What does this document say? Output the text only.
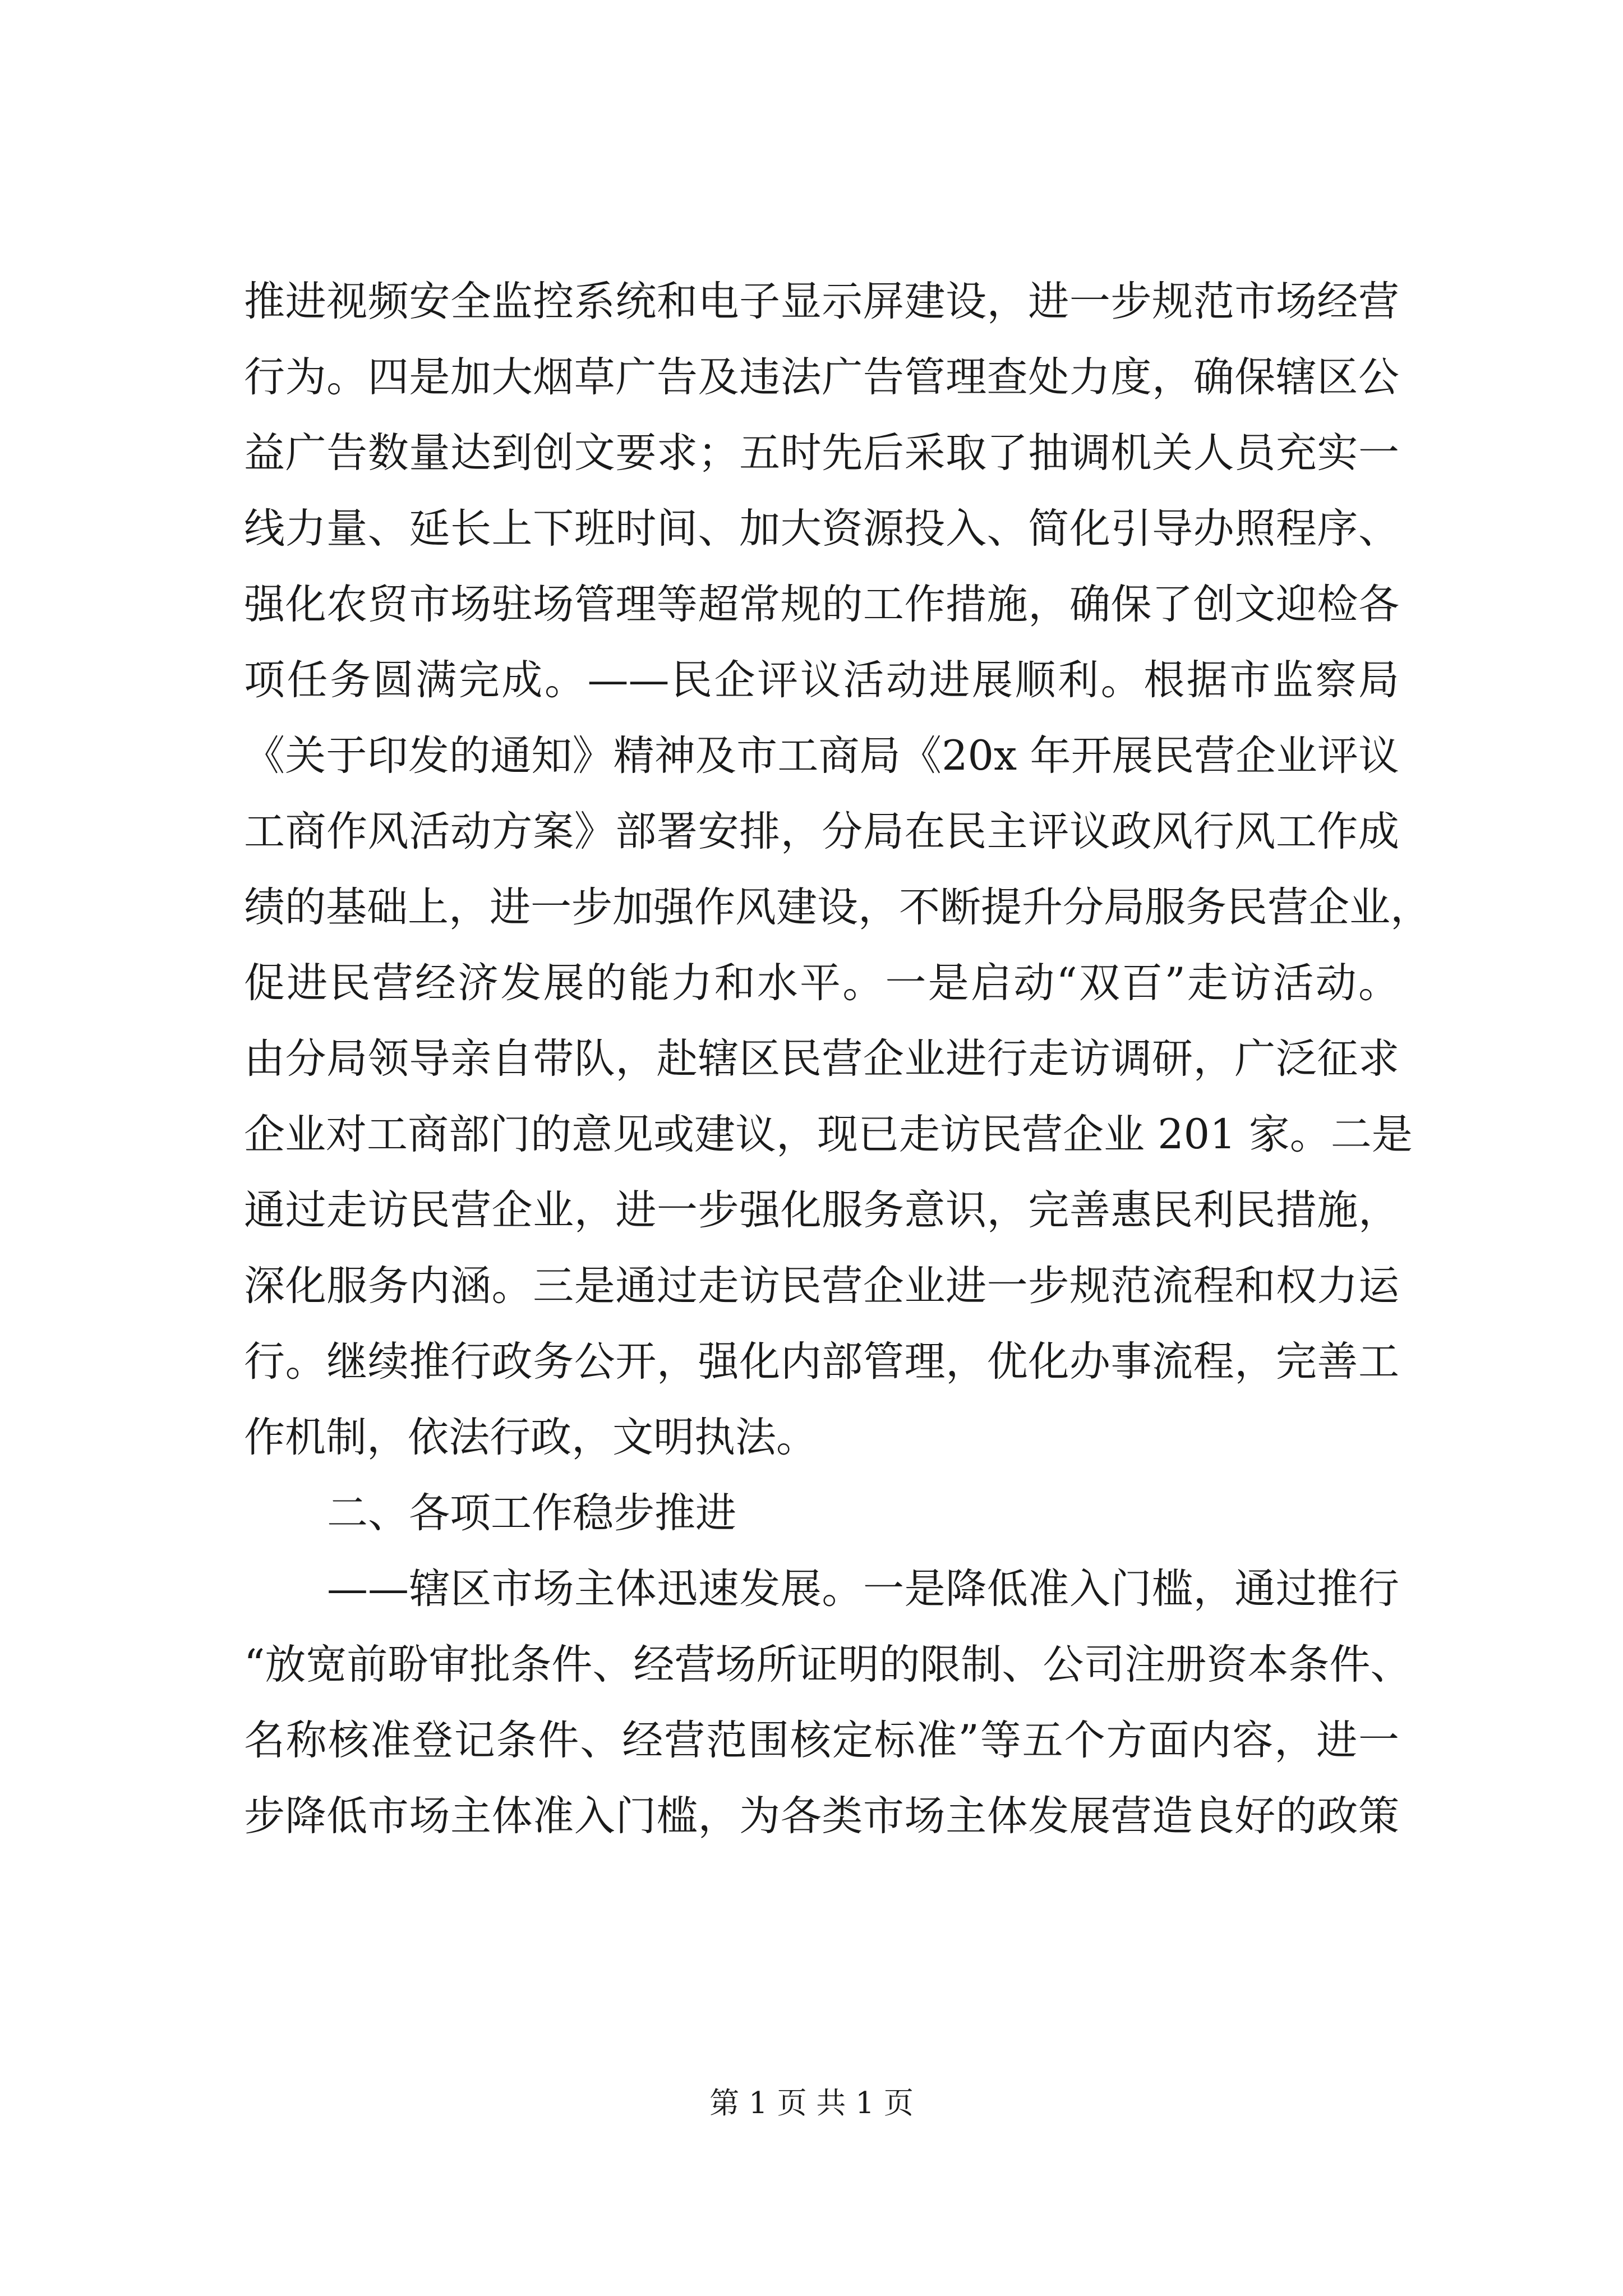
推进视频安全监控系统和电子显示屏建设，进一步规范市场经营
行为。四是加大烟草广告及违法广告管理查处力度，确保辖区公
益广告数量达到创文要求；五时先后采取了抽调机关人员充实一
线力量、延长上下班时间、加大资源投入、简化引导办照程序、
强化农贸市场驻场管理等超常规的工作措施，确保了创文迎检各
项任务圆满完成。——民企评议活动进展顺利。根据市监察局
《关于印发的通知》精神及市工商局《20x 年开展民营企业评议
工商作风活动方案》部署安排，分局在民主评议政风行风工作成
绩的基础上，进一步加强作风建设，不断提升分局服务民营企业，
促进民营经济发展的能力和水平。一是启动“双百”走访活动。
由分局领导亲自带队，赴辖区民营企业进行走访调研，广泛征求
企业对工商部门的意见或建议，现已走访民营企业 201 家。二是
通过走访民营企业，进一步强化服务意识，完善惠民利民措施，
深化服务内涵。三是通过走访民营企业进一步规范流程和权力运
行。继续推行政务公开，强化内部管理，优化办事流程，完善工
作机制，依法行政，文明执法。
二、各项工作稳步推进
——辖区市场主体迅速发展。一是降低准入门槛，通过推行
“放宽前聁审批条件、经营场所证明的限制、公司注册资本条件、
名称核准登记条件、经营范围核定标准”等五个方面内容，进一
步降低市场主体准入门槛，为各类市场主体发展营造良好的政策
第 1 页 共 1 页
